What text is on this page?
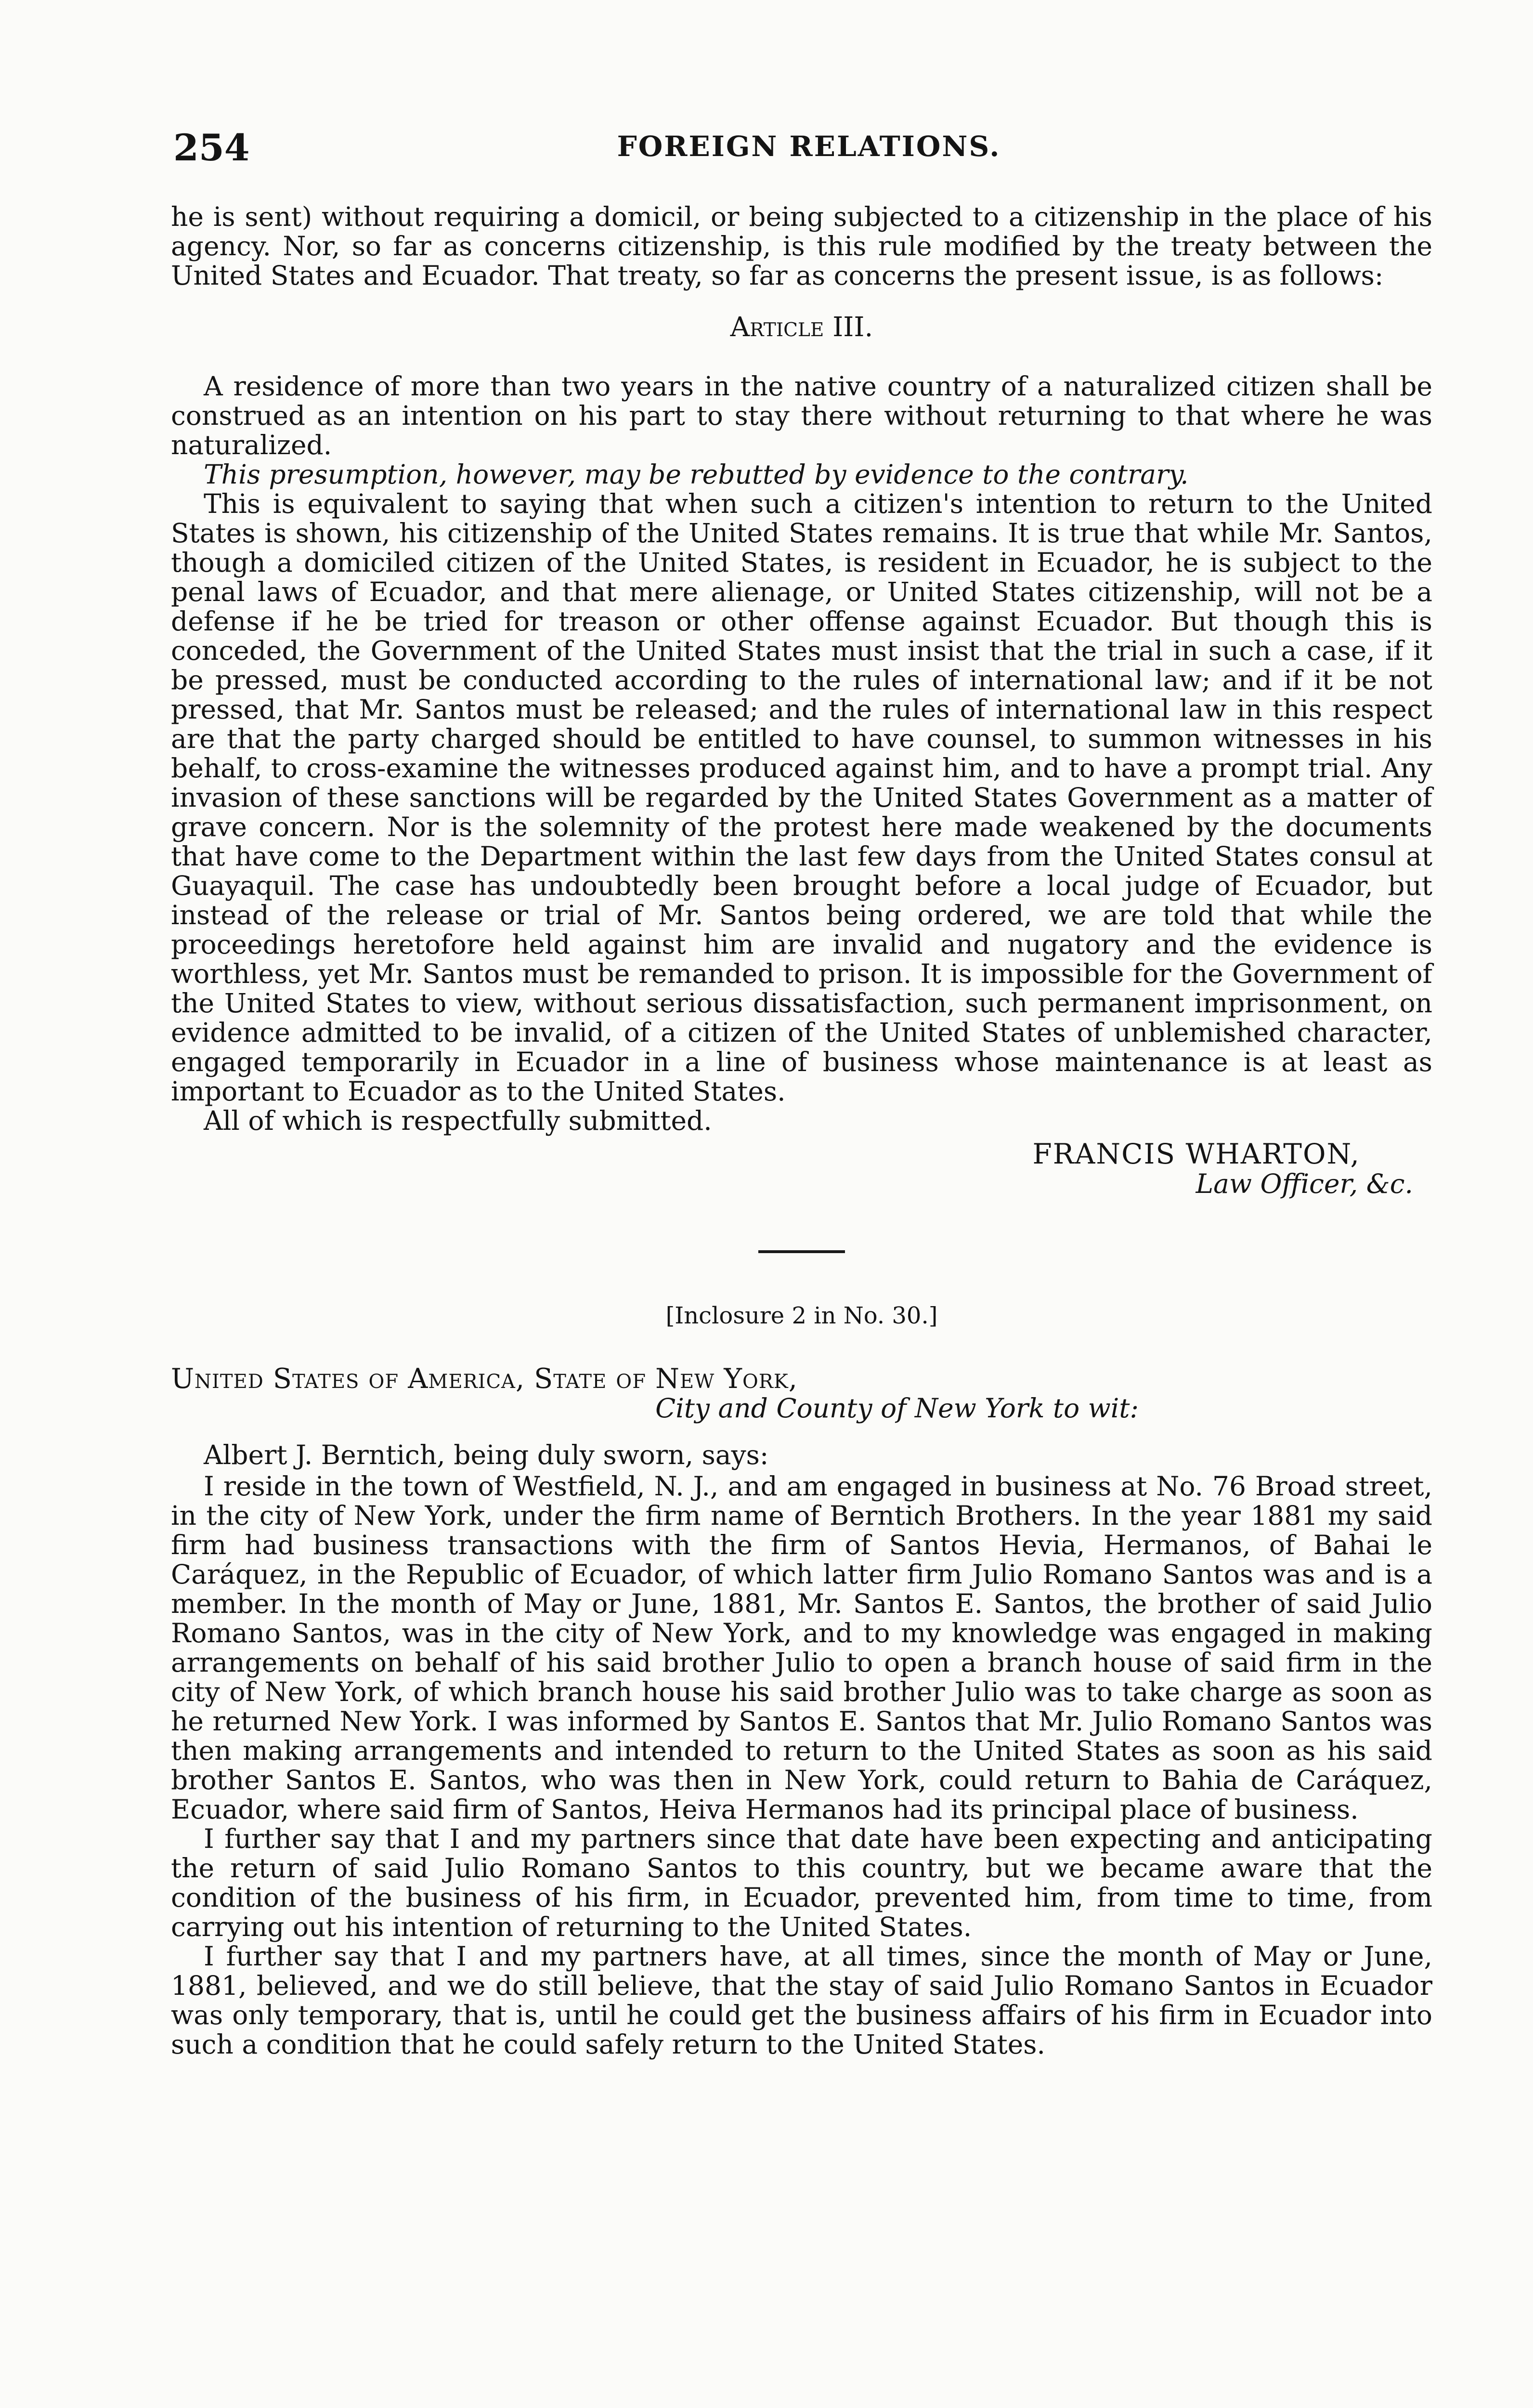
254	FOREIGN RELATIONS.

he is sent) without requiring a domicil, or being subjected to a citizenship in the place of his agency. Nor, so far as concerns citizenship, is this rule modified by the treaty between the United States and Ecuador. That treaty, so far as concerns the present issue, is as follows:

Article III.

A residence of more than two years in the native country of a naturalized citizen shall be construed as an intention on his part to stay there without returning to that where he was naturalized.

This presumption, however, may be rebutted by evidence to the contrary.

This is equivalent to saying that when such a citizen's intention to return to the United States is shown, his citizenship of the United States remains. It is true that while Mr. Santos, though a domiciled citizen of the United States, is resident in Ecuador, he is subject to the penal laws of Ecuador, and that mere alienage, or United States citizenship, will not be a defense if he be tried for treason or other offense against Ecuador. But though this is conceded, the Government of the United States must insist that the trial in such a case, if it be pressed, must be conducted according to the rules of international law; and if it be not pressed, that Mr. Santos must be released; and the rules of international law in this respect are that the party charged should be entitled to have counsel, to summon witnesses in his behalf, to cross-examine the witnesses produced against him, and to have a prompt trial. Any invasion of these sanctions will be regarded by the United States Government as a matter of grave concern. Nor is the solemnity of the protest here made weakened by the documents that have come to the Department within the last few days from the United States consul at Guayaquil. The case has undoubtedly been brought before a local judge of Ecuador, but instead of the release or trial of Mr. Santos being ordered, we are told that while the proceedings heretofore held against him are invalid and nugatory and the evidence is worthless, yet Mr. Santos must be remanded to prison. It is impossible for the Government of the United States to view, without serious dissatisfaction, such permanent imprisonment, on evidence admitted to be invalid, of a citizen of the United States of unblemished character, engaged temporarily in Ecuador in a line of business whose maintenance is at least as important to Ecuador as to the United States.

All of which is respectfully submitted.

FRANCIS WHARTON,
Law Officer, &c.
[Inclosure 2 in No. 30.]
United States of America, State of New York,
City and County of New York to wit:

Albert J. Berntich, being duly sworn, says:

I reside in the town of Westfield, N. J., and am engaged in business at No. 76 Broad street, in the city of New York, under the firm name of Berntich Brothers. In the year 1881 my said firm had business transactions with the firm of Santos Hevia, Hermanos, of Bahai le Caráquez, in the Republic of Ecuador, of which latter firm Julio Romano Santos was and is a member. In the month of May or June, 1881, Mr. Santos E. Santos, the brother of said Julio Romano Santos, was in the city of New York, and to my knowledge was engaged in making arrangements on behalf of his said brother Julio to open a branch house of said firm in the city of New York, of which branch house his said brother Julio was to take charge as soon as he returned New York. I was informed by Santos E. Santos that Mr. Julio Romano Santos was then making arrangements and intended to return to the United States as soon as his said brother Santos E. Santos, who was then in New York, could return to Bahia de Caráquez, Ecuador, where said firm of Santos, Heiva Hermanos had its principal place of business.

I further say that I and my partners since that date have been expecting and anticipating the return of said Julio Romano Santos to this country, but we became aware that the condition of the business of his firm, in Ecuador, prevented him, from time to time, from carrying out his intention of returning to the United States.

I further say that I and my partners have, at all times, since the month of May or June, 1881, believed, and we do still believe, that the stay of said Julio Romano Santos in Ecuador was only temporary, that is, until he could get the business affairs of his firm in Ecuador into such a condition that he could safely return to the United States.
